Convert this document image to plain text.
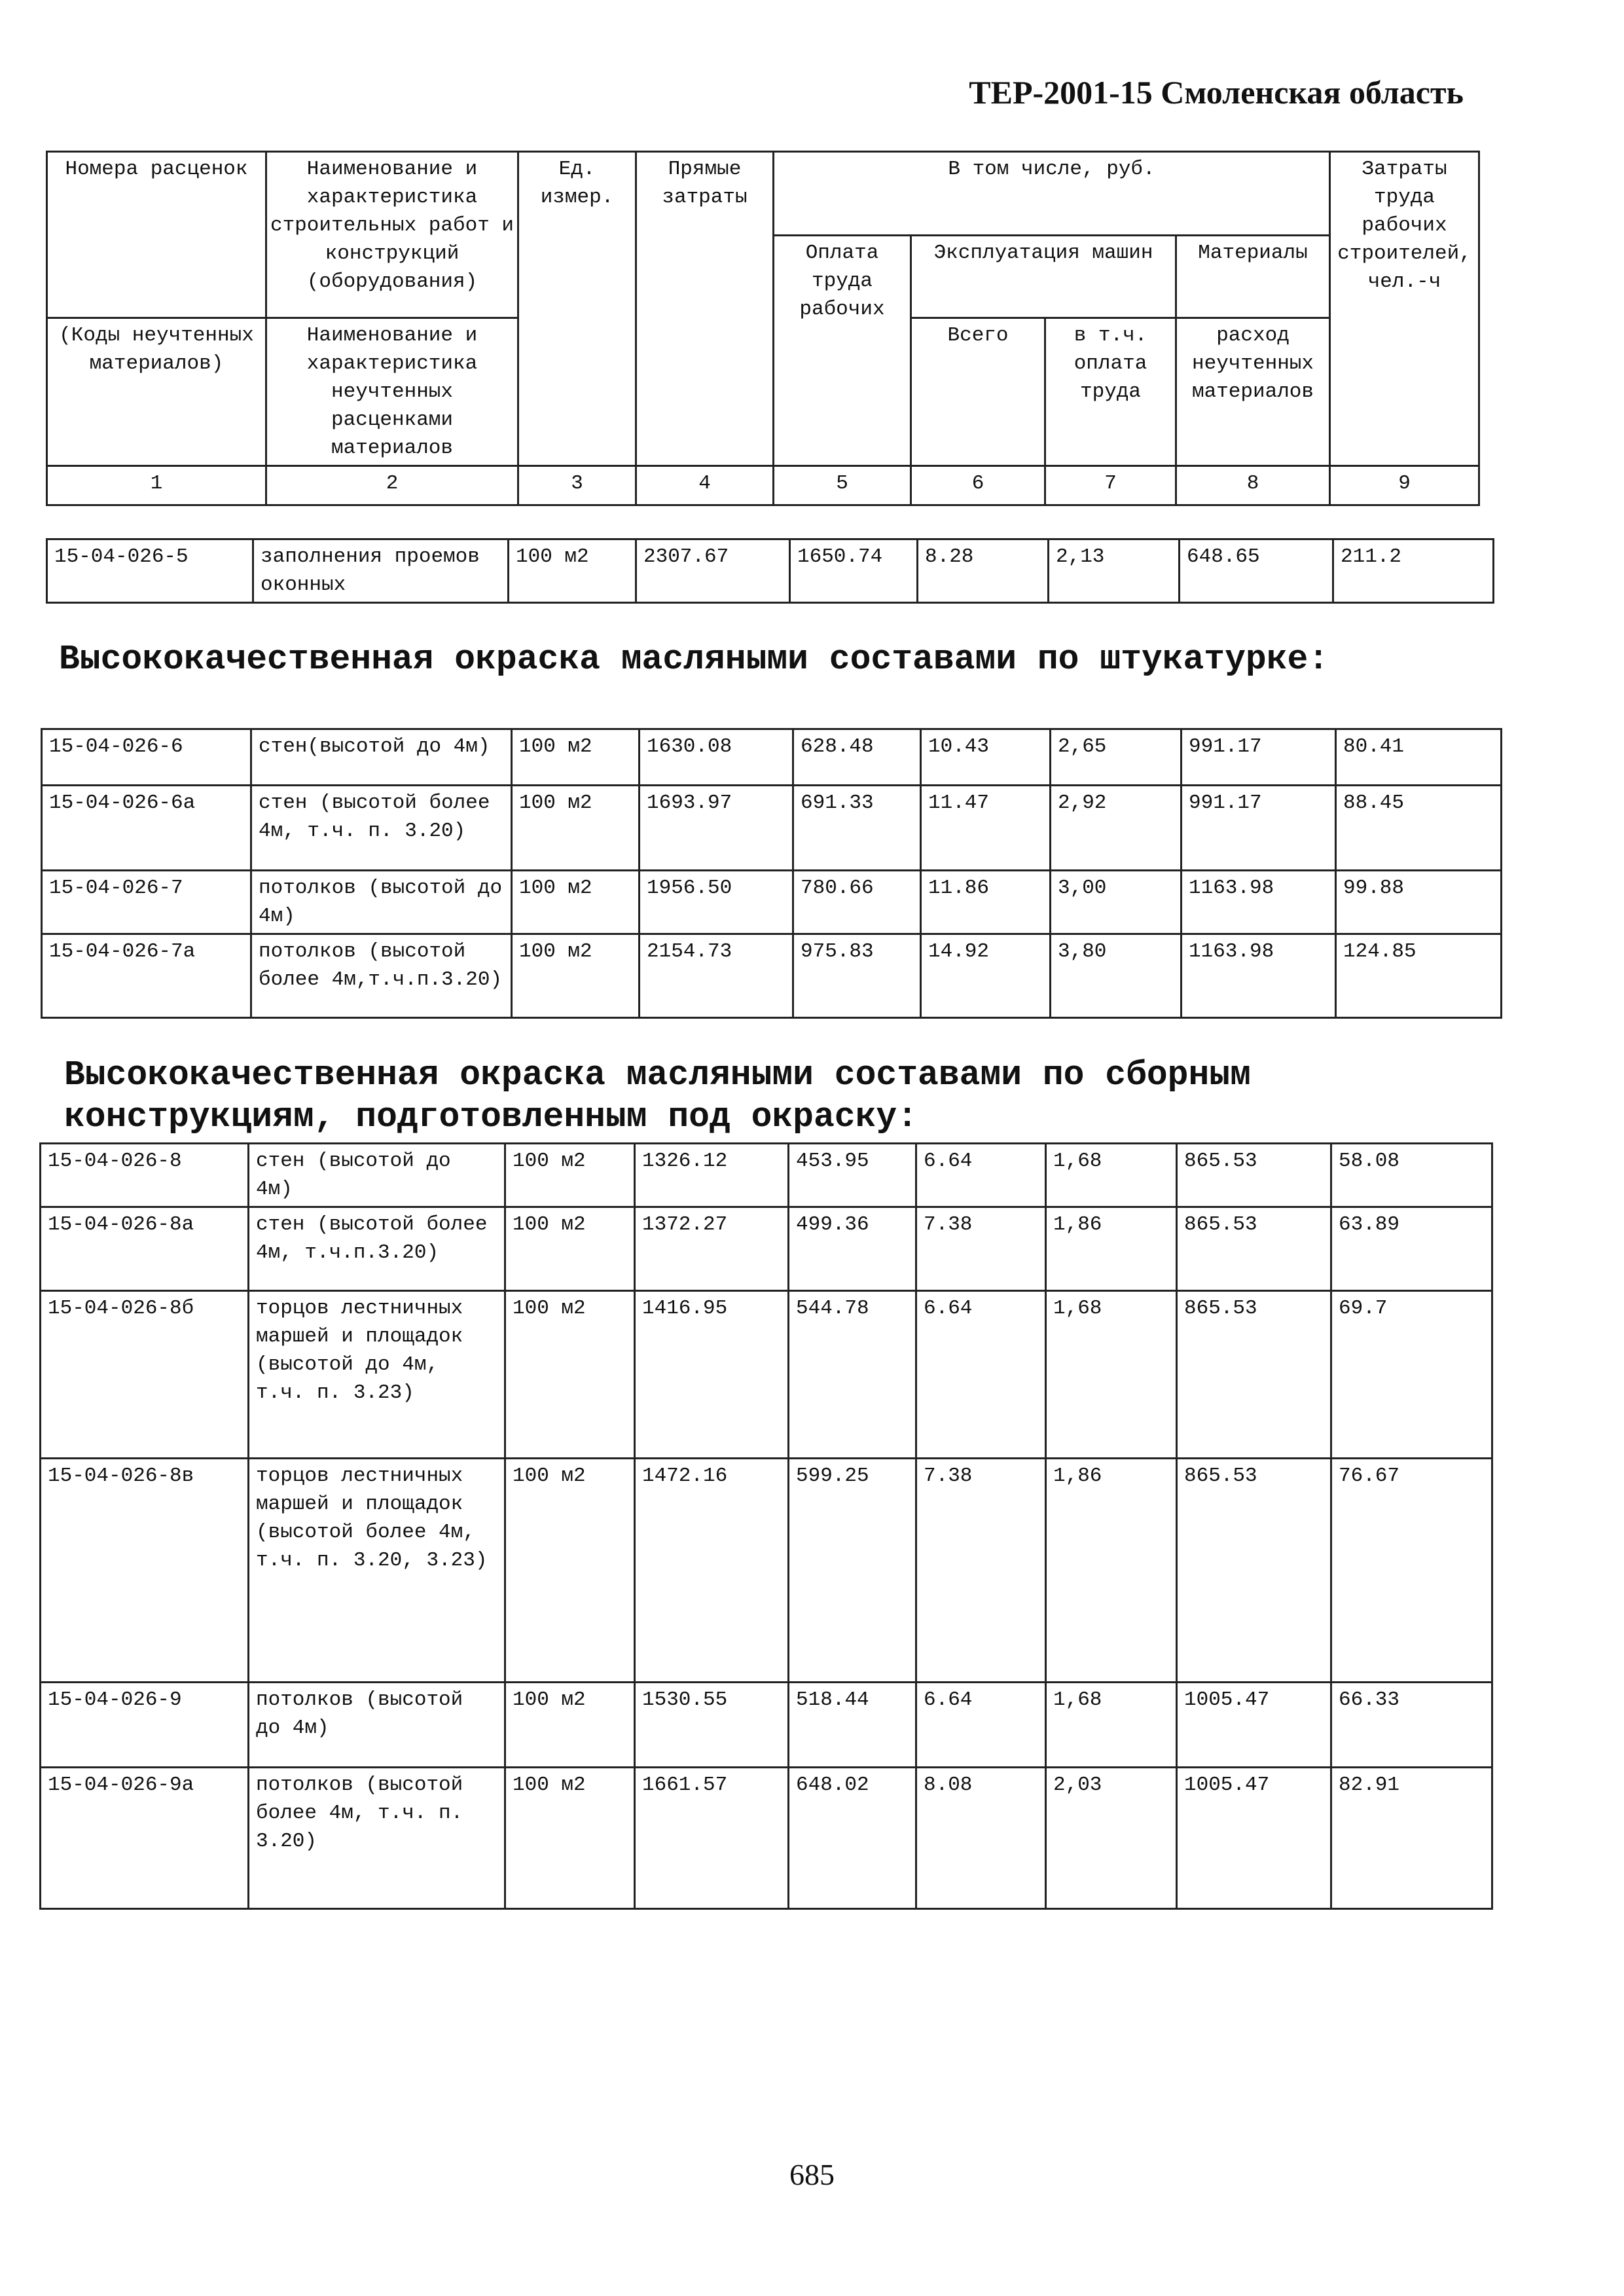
ТЕР-2001-15 Смоленская область
Номера расценок	Наименование и характеристика строительных работ и конструкций (оборудования)	Ед. измер.	Прямые затраты	В том числе, руб.				Затраты труда рабочих строителей, чел.-ч
				Оплата труда рабочих	Эксплуатация машин		Материалы	
(Коды неучтенных материалов)	Наименование и характеристика неучтенных расценками материалов				Всего	в т.ч. оплата труда	расход неучтенных материалов	
1	2	3	4	5	6	7	8	9
15-04-026-5	заполнения проемов оконных	100 м2	2307.67	1650.74	8.28	2,13	648.65	211.2
Высококачественная окраска масляными составами по штукатурке:
15-04-026-6	стен(высотой до 4м)	100 м2	1630.08	628.48	10.43	2,65	991.17	80.41
15-04-026-6а	стен (высотой более 4м, т.ч. п. 3.20)	100 м2	1693.97	691.33	11.47	2,92	991.17	88.45
15-04-026-7	потолков (высотой до 4м)	100 м2	1956.50	780.66	11.86	3,00	1163.98	99.88
15-04-026-7а	потолков (высотой более 4м,т.ч.п.3.20)	100 м2	2154.73	975.83	14.92	3,80	1163.98	124.85
Высококачественная окраска масляными составами по сборным конструкциям, подготовленным под окраску:
15-04-026-8	стен (высотой до 4м)	100 м2	1326.12	453.95	6.64	1,68	865.53	58.08
15-04-026-8а	стен (высотой более 4м, т.ч.п.3.20)	100 м2	1372.27	499.36	7.38	1,86	865.53	63.89
15-04-026-8б	торцов лестничных маршей и площадок (высотой до 4м, т.ч. п. 3.23)	100 м2	1416.95	544.78	6.64	1,68	865.53	69.7
15-04-026-8в	торцов лестничных маршей и площадок (высотой более 4м, т.ч. п. 3.20, 3.23)	100 м2	1472.16	599.25	7.38	1,86	865.53	76.67
15-04-026-9	потолков (высотой до 4м)	100 м2	1530.55	518.44	6.64	1,68	1005.47	66.33
15-04-026-9а	потолков (высотой более 4м, т.ч. п. 3.20)	100 м2	1661.57	648.02	8.08	2,03	1005.47	82.91
685
